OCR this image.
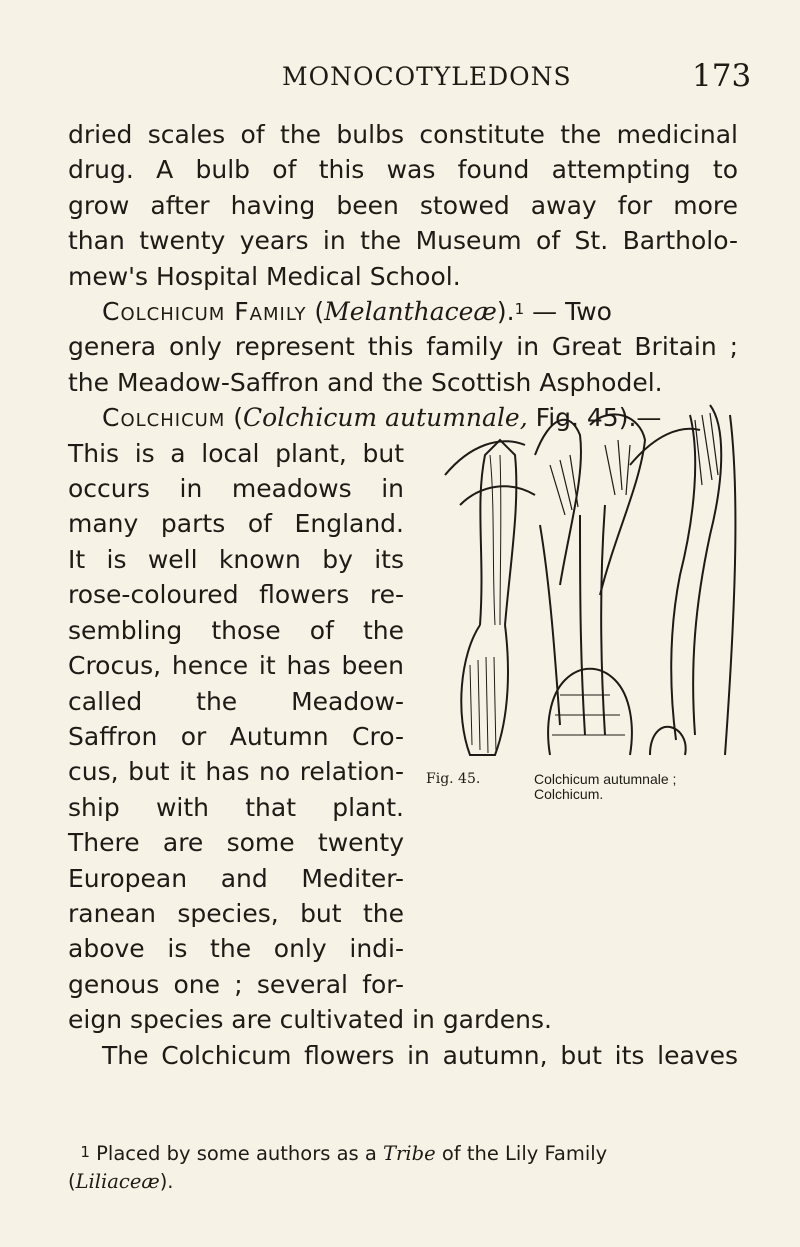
MONOCOTYLEDONS	173
dried scales of the bulbs constitute the medicinal
drug. A bulb of this was found attempting to
grow after having been stowed away for more
than twenty years in the Museum of St. Bartholo-
mew's Hospital Medical School.
Colchicum Family (Melanthaceæ).$^1$ — Two
genera only represent this family in Great Britain ;
the Meadow-Saffron and the Scottish Asphodel.
Colchicum (Colchicum autumnale, Fig. 45).—
This is a local plant, but
occurs in meadows in
many parts of England.
It is well known by its
rose-coloured flowers re-
sembling those of the
Crocus, hence it has been
called the Meadow-
Saffron or Autumn Cro-
cus, but it has no relation-
ship with that plant.
There are some twenty
European and Mediter-
ranean species, but the
above is the only indi-
genous one ; several for-
eign species are cultivated in gardens.
The Colchicum flowers in autumn, but its leaves
Fig. 45.	Colchicum autumnale ;
Colchicum.
$^1$ Placed by some authors as a Tribe of the Lily Family
(Liliaceæ).
